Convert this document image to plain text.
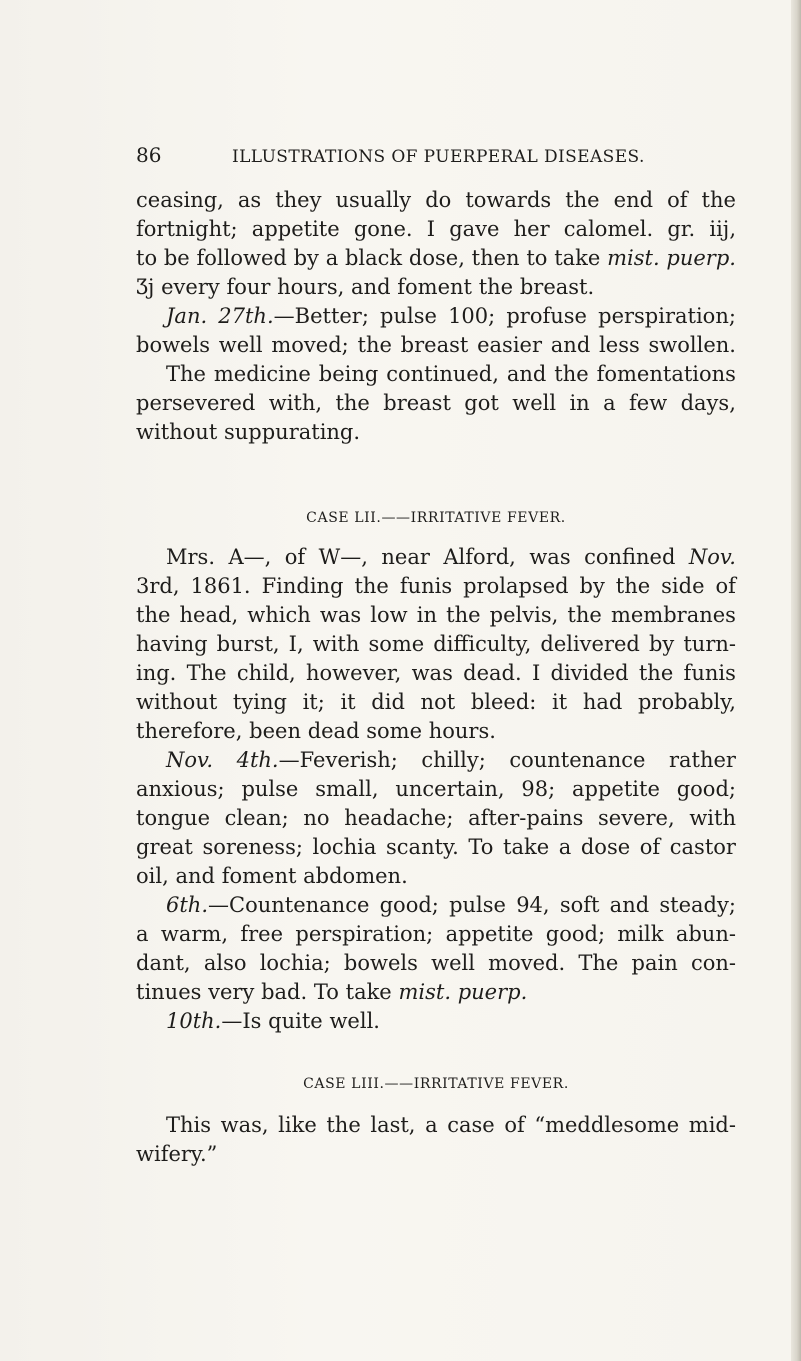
86	ILLUSTRATIONS OF PUERPERAL DISEASES.
ceasing, as they usually do towards the end of the
fortnight; appetite gone. I gave her calomel. gr. iij,
to be followed by a black dose, then to take mist. puerp.
Ʒj every four hours, and foment the breast.
Jan. 27th.—Better; pulse 100; profuse perspiration;
bowels well moved; the breast easier and less swollen.
The medicine being continued, and the fomentations
persevered with, the breast got well in a few days,
without suppurating.
CASE LII.——IRRITATIVE FEVER.
Mrs. A—, of W—, near Alford, was confined Nov.
3rd, 1861. Finding the funis prolapsed by the side of
the head, which was low in the pelvis, the membranes
having burst, I, with some difficulty, delivered by turn-
ing. The child, however, was dead. I divided the funis
without tying it; it did not bleed: it had probably,
therefore, been dead some hours.
Nov. 4th.—Feverish; chilly; countenance rather
anxious; pulse small, uncertain, 98; appetite good;
tongue clean; no headache; after-pains severe, with
great soreness; lochia scanty. To take a dose of castor
oil, and foment abdomen.
6th.—Countenance good; pulse 94, soft and steady;
a warm, free perspiration; appetite good; milk abun-
dant, also lochia; bowels well moved. The pain con-
tinues very bad. To take mist. puerp.
10th.—Is quite well.
CASE LIII.——IRRITATIVE FEVER.
This was, like the last, a case of “meddlesome mid-
wifery.”
